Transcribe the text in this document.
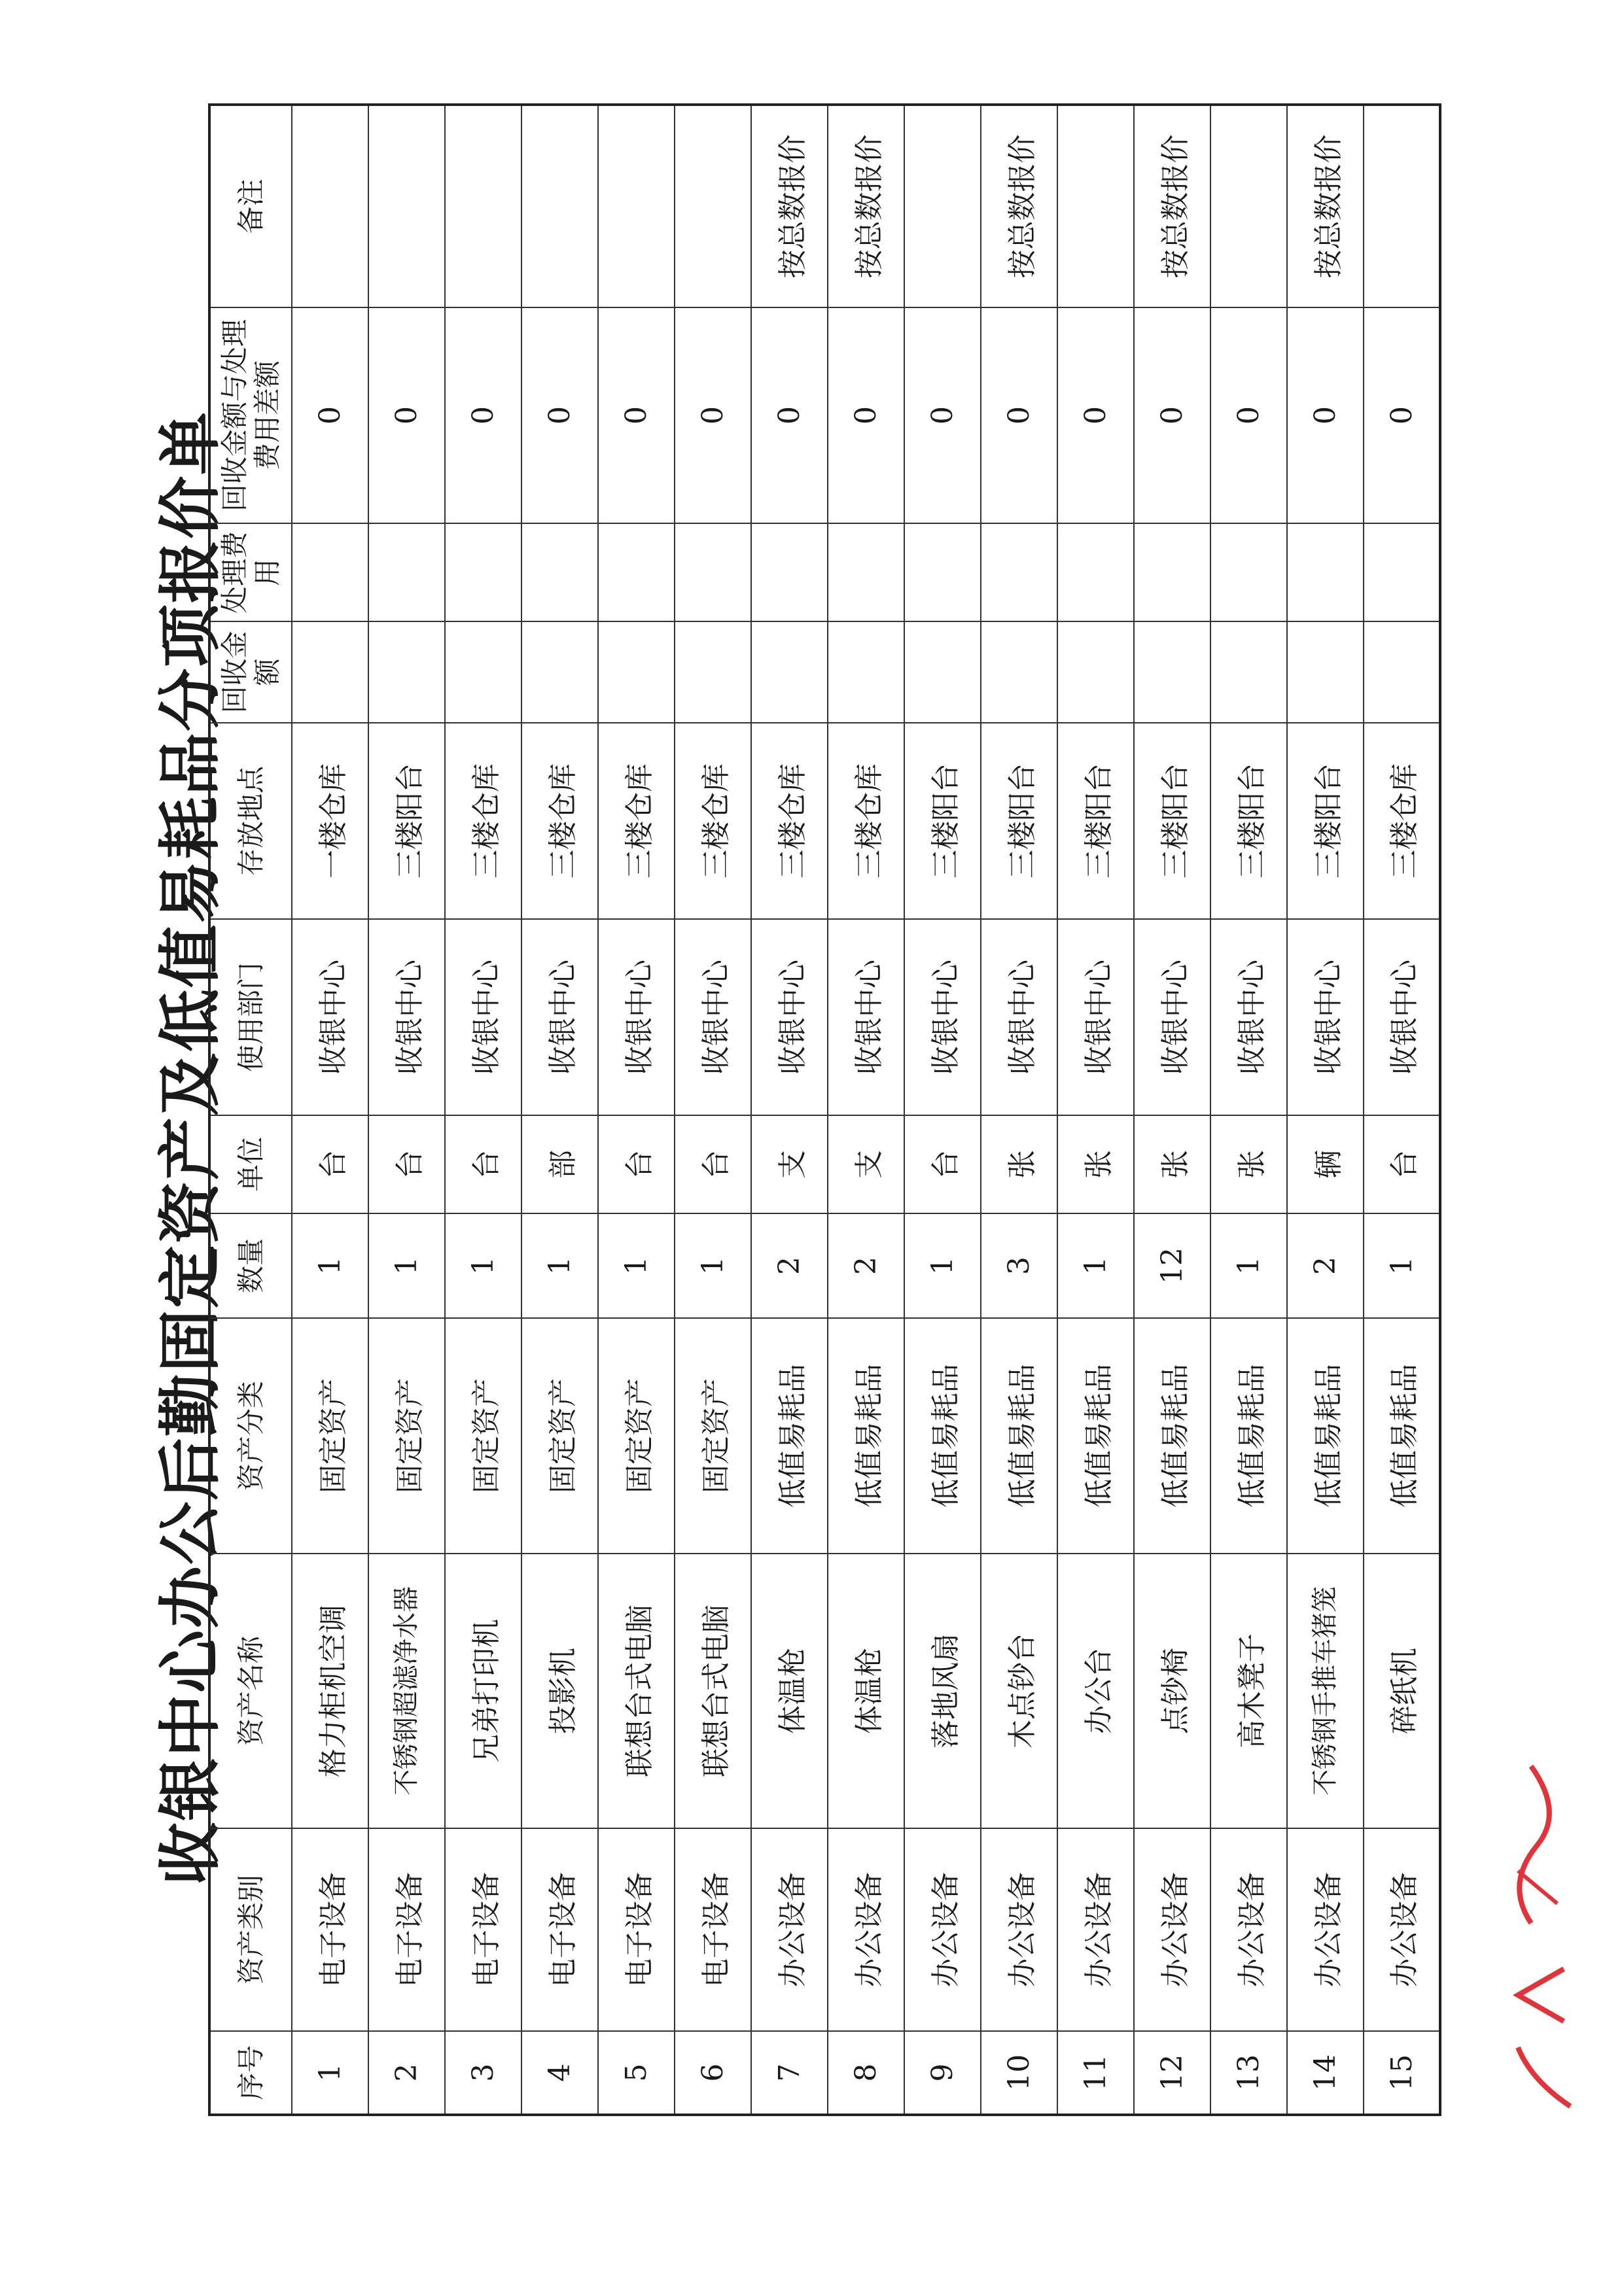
收银中心办公后勤固定资产及低值易耗品分项报价单
序号	资产类别	资产名称	资产分类	数量	单位	使用部门	存放地点	回收金额	处理费用	回收金额与处理费用差额	备注
1	电子设备	格力柜机空调	固定资产	1	台	收银中心	一楼仓库			0	
2	电子设备	不锈钢超滤净水器	固定资产	1	台	收银中心	三楼阳台			0	
3	电子设备	兄弟打印机	固定资产	1	台	收银中心	三楼仓库			0	
4	电子设备	投影机	固定资产	1	部	收银中心	三楼仓库			0	
5	电子设备	联想台式电脑	固定资产	1	台	收银中心	三楼仓库			0	
6	电子设备	联想台式电脑	固定资产	1	台	收银中心	三楼仓库			0	
7	办公设备	体温枪	低值易耗品	2	支	收银中心	三楼仓库			0	按总数报价
8	办公设备	体温枪	低值易耗品	2	支	收银中心	三楼仓库			0	按总数报价
9	办公设备	落地风扇	低值易耗品	1	台	收银中心	三楼阳台			0	
10	办公设备	木点钞台	低值易耗品	3	张	收银中心	三楼阳台			0	按总数报价
11	办公设备	办公台	低值易耗品	1	张	收银中心	三楼阳台			0	
12	办公设备	点钞椅	低值易耗品	12	张	收银中心	三楼阳台			0	按总数报价
13	办公设备	高木凳子	低值易耗品	1	张	收银中心	三楼阳台			0	
14	办公设备	不锈钢手推车猪笼	低值易耗品	2	辆	收银中心	三楼阳台			0	按总数报价
15	办公设备	碎纸机	低值易耗品	1	台	收银中心	三楼仓库			0	
